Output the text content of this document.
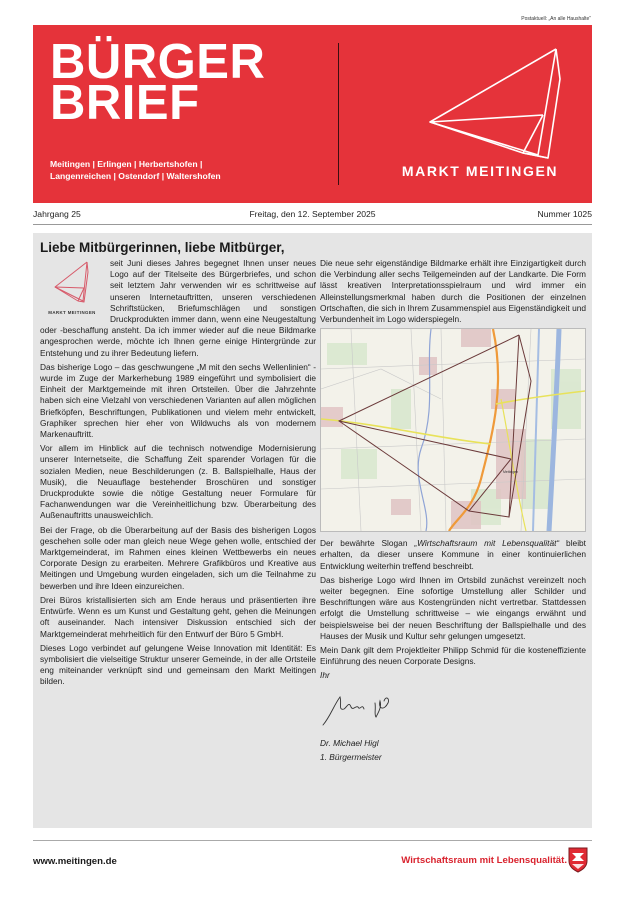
Postaktuell: „An alle Haushalte“
BÜRGER
BRIEF
Meitingen | Erlingen | Herbertshofen |
Langenreichen | Ostendorf | Waltershofen	MARKT MEITINGEN
Jahrgang 25	Freitag, den 12. September 2025	Nummer 1025
Liebe Mitbürgerinnen, liebe Mitbürger,
MARKT MEITINGEN

seit Juni dieses Jahres begegnet Ihnen unser neues Logo auf der Titelseite des Bürgerbriefes, und schon seit letztem Jahr verwenden wir es schrittweise auf unseren Internetauftritten, unseren verschiedenen Schriftstücken, Briefumschlägen und sonstigen Druckprodukten immer dann, wenn eine Neugestaltung oder -beschaffung ansteht. Da ich immer wieder auf die neue Bildmarke angesprochen werde, möchte ich Ihnen gerne einige Hintergründe zur Entstehung und zu ihrer Bedeutung liefern.

Das bisherige Logo – das geschwungene „M mit den sechs Wellenlinien“ - wurde im Zuge der Markerhebung 1989 eingeführt und symbolisiert die Einheit der Marktgemeinde mit ihren Ortsteilen. Über die Jahrzehnte haben sich eine Vielzahl von verschiedenen Varianten auf allen möglichen Briefköpfen, Beschriftungen, Publikationen und vielem mehr entwickelt, Graphiker sprechen hier eher von Wildwuchs als von modernem Markenauftritt.

Vor allem im Hinblick auf die technisch notwendige Modernisierung unserer Internetseite, die Schaffung Zeit sparender Vorlagen für die sozialen Medien, neue Beschilderungen (z. B. Ballspielhalle, Haus der Musik), die Neuauflage bestehender Broschüren und sonstiger Druckprodukte sowie die nötige Gestaltung neuer Formulare für Fachanwendungen war die Vereinheitlichung bzw. Überarbeitung des Außenauftritts unausweichlich.

Bei der Frage, ob die Überarbeitung auf der Basis des bisherigen Logos geschehen solle oder man gleich neue Wege gehen wolle, entschied der Marktgemeinderat, im Rahmen eines kleinen Wettbewerbs ein neues Corporate Design zu erarbeiten. Mehrere Grafikbüros und Kreative aus Meitingen und Umgebung wurden eingeladen, sich um die Teilnahme zu bewerben und ihre Ideen einzureichen.

Drei Büros kristallisierten sich am Ende heraus und präsentierten ihre Entwürfe. Wenn es um Kunst und Gestaltung geht, gehen die Meinungen oft auseinander. Nach intensiver Diskussion entschied sich der Marktgemeinderat mehrheitlich für den Entwurf der Büro 5 GmbH.

Dieses Logo verbindet auf gelungene Weise Innovation mit Identität: Es symbolisiert die vielseitige Struktur unserer Gemeinde, in der alle Ortsteile eng miteinander verknüpft sind und gemeinsam den Markt Meitingen bilden.

Die neue sehr eigenständige Bildmarke erhält ihre Einzigartigkeit durch die Verbindung aller sechs Teilgemeinden auf der Landkarte. Die Form lässt kreativen Interpretationsspielraum und wird immer ein Alleinstellungsmerkmal haben durch die Positionen der einzelnen Ortschaften, die sich in Ihrem Zusammenspiel aus Eigenständigkeit und Verbundenheit im Logo widerspiegeln.

Meitingen

Der bewährte Slogan „Wirtschaftsraum mit Lebensqualität“ bleibt erhalten, da dieser unsere Kommune in einer kontinuierlichen Entwicklung weiterhin treffend beschreibt.

Das bisherige Logo wird Ihnen im Ortsbild zunächst vereinzelt noch weiter begegnen. Eine sofortige Umstellung aller Schilder und Beschriftungen wäre aus Kostengründen nicht vertretbar. Stattdessen erfolgt die Umstellung schrittweise – wie eingangs erwähnt und beispielsweise bei der neuen Beschriftung der Ballspielhalle und des Hauses der Musik und Kultur sehr gelungen umgesetzt.

Mein Dank gilt dem Projektleiter Philipp Schmid für die kosteneffiziente Einführung des neuen Corporate Designs.

Ihr

Dr. Michael Higl

1. Bürgermeister

www.meitingen.de	Wirtschaftsraum mit Lebensqualität.
